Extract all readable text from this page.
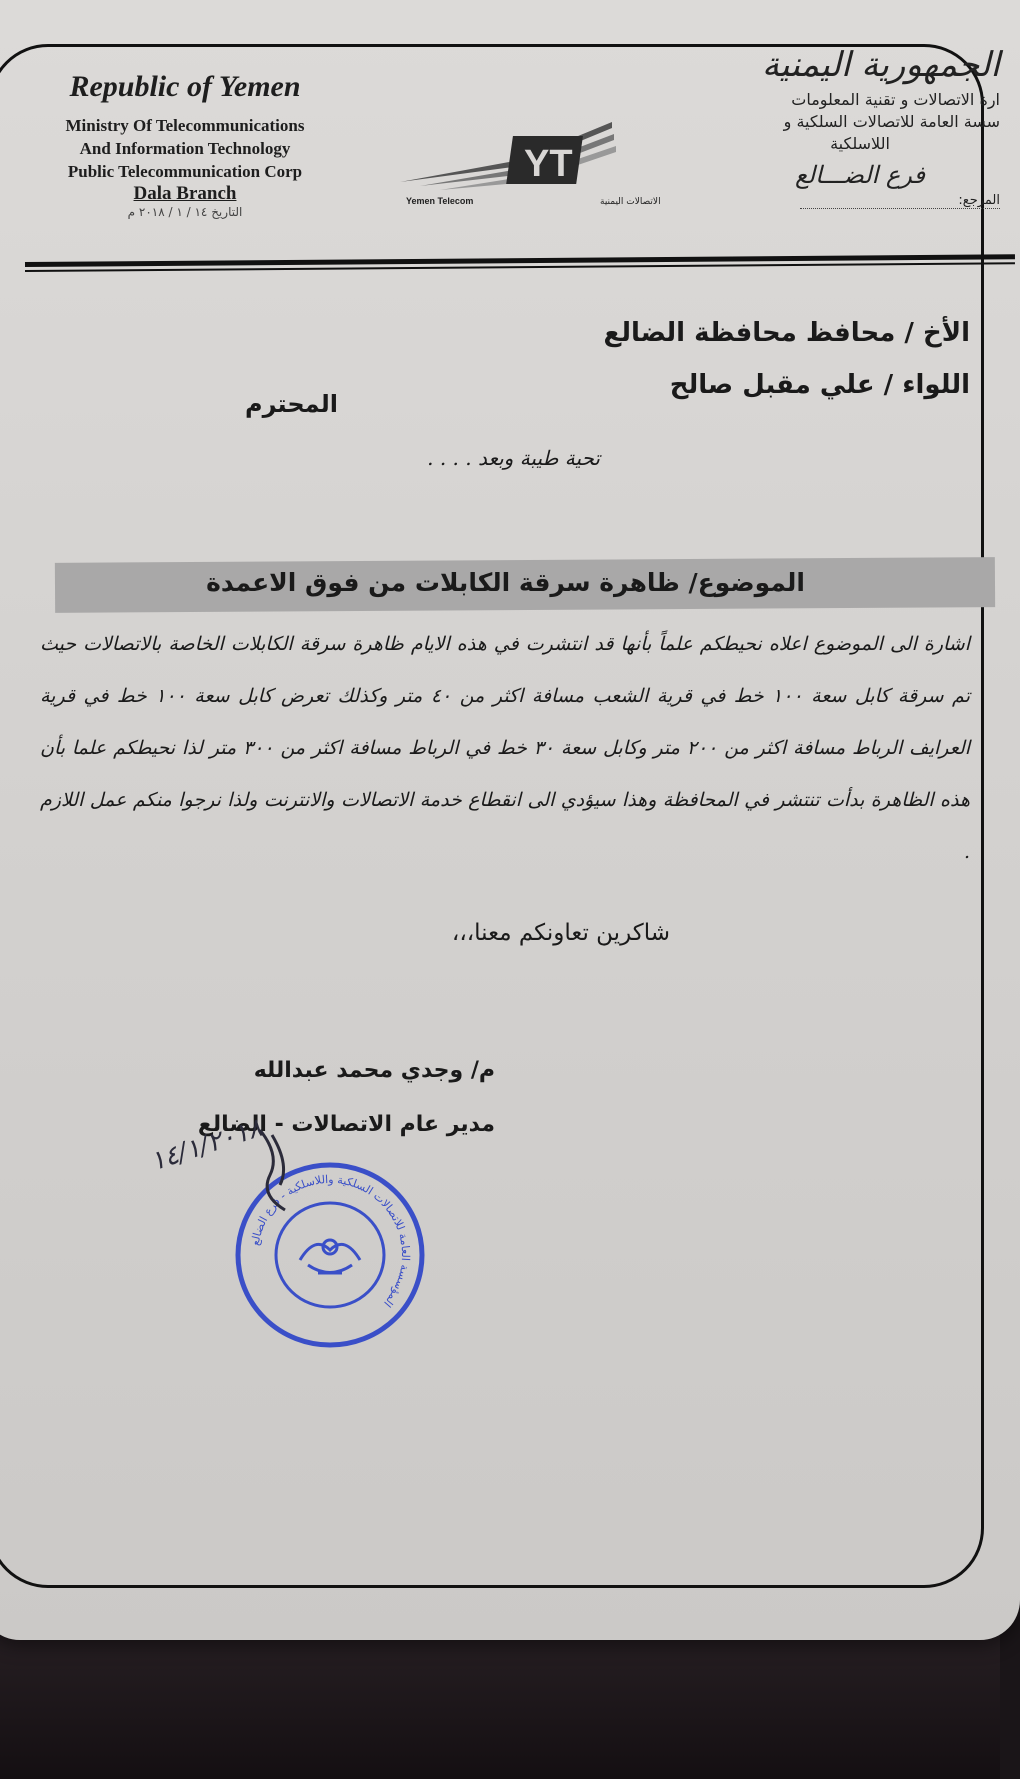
Republic of Yemen
Ministry Of Telecommunications
And Information Technology
Public Telecommunication Corp
Dala Branch
التاريخ ١٤ / ١ / ٢٠١٨ م
YT
Yemen Telecom	الاتصالات اليمنية
الجمهورية اليمنية
ارة الاتصالات و تقنية المعلومات
سسة العامة للاتصالات السلكية و
اللاسلكية
فرع الضـــالع
المرجع:
الأخ / محافظ محافظة الضالع
اللواء / علي مقبل صالح
المحترم
تحية طيبة وبعد . . . .
الموضوع/ ظاهرة سرقة الكابلات من فوق الاعمدة
اشارة الى الموضوع اعلاه نحيطكم علماً بأنها قد انتشرت في هذه الايام ظاهرة سرقة الكابلات الخاصة بالاتصالات حيث تم سرقة كابل سعة ١٠٠ خط في قرية الشعب مسافة اكثر من ٤٠ متر وكذلك تعرض كابل سعة ١٠٠ خط في قرية العرايف الرباط مسافة اكثر من ٢٠٠ متر وكابل سعة ٣٠ خط في الرباط مسافة اكثر من ٣٠٠ متر لذا نحيطكم علما بأن هذه الظاهرة بدأت تنتشر في المحافظة وهذا سيؤدي الى انقطاع خدمة الاتصالات والانترنت ولذا نرجوا منكم عمل اللازم .
شاكرين تعاونكم معنا،،،
م/ وجدي محمد عبدالله
مدير عام الاتصالات - الضالع
المؤسسة العامة للاتصالات السلكية واللاسلكية - فرع الضالع
١٤/١/٢٠١٨
